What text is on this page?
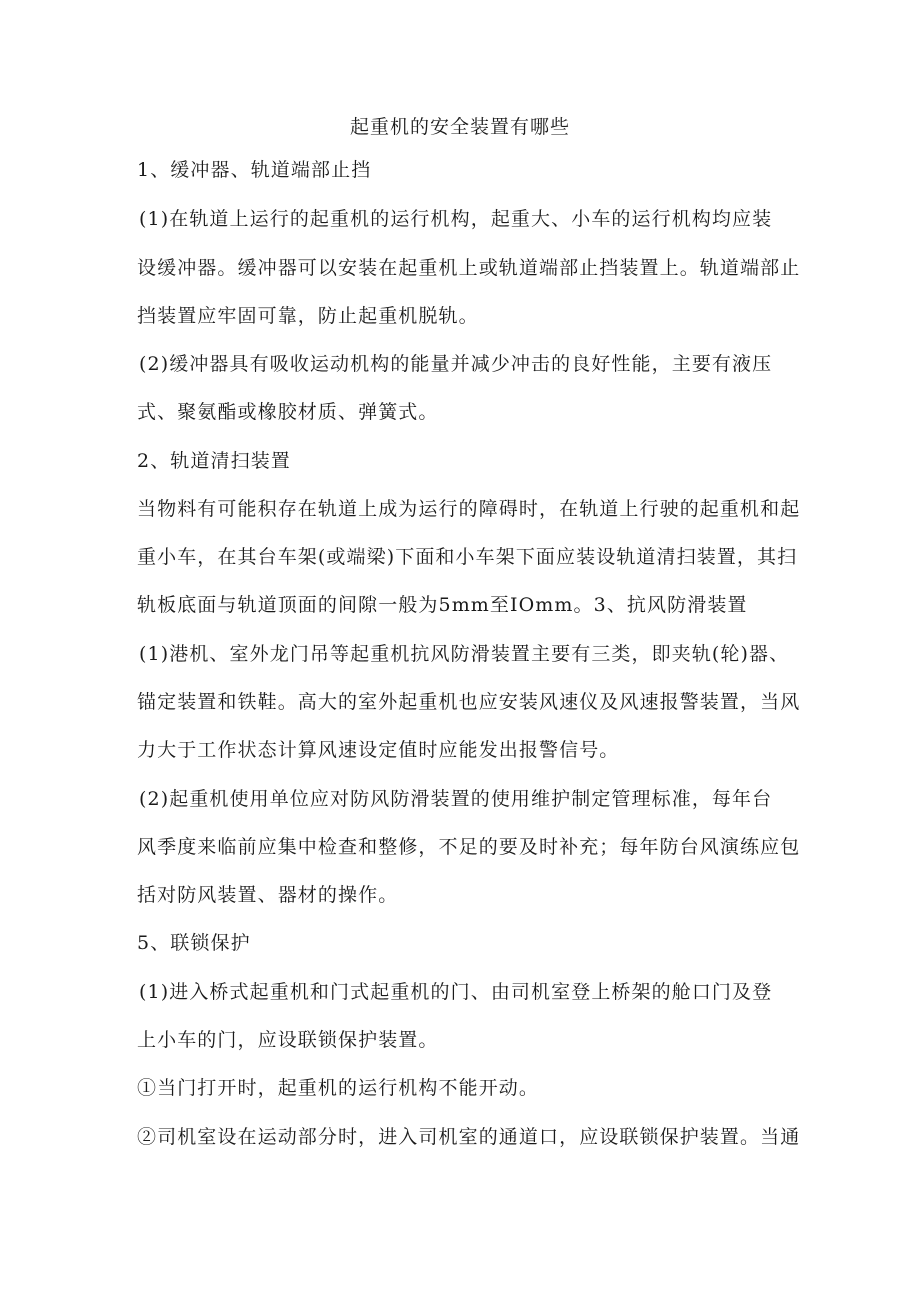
起重机的安全装置有哪些
1、缓冲器、轨道端部止挡
(1)在轨道上运行的起重机的运行机构，起重大、小车的运行机构均应装
设缓冲器。缓冲器可以安装在起重机上或轨道端部止挡装置上。轨道端部止
挡装置应牢固可靠，防止起重机脱轨。
(2)缓冲器具有吸收运动机构的能量并减少冲击的良好性能，主要有液压
式、聚氨酯或橡胶材质、弹簧式。
2、轨道清扫装置
当物料有可能积存在轨道上成为运行的障碍时，在轨道上行驶的起重机和起
重小车，在其台车架(或端梁)下面和小车架下面应装设轨道清扫装置，其扫
轨板底面与轨道顶面的间隙一般为5mm至IOmm。3、抗风防滑装置
(1)港机、室外龙门吊等起重机抗风防滑装置主要有三类，即夹轨(轮)器、
锚定装置和铁鞋。高大的室外起重机也应安装风速仪及风速报警装置，当风
力大于工作状态计算风速设定值时应能发出报警信号。
(2)起重机使用单位应对防风防滑装置的使用维护制定管理标准，每年台
风季度来临前应集中检查和整修，不足的要及时补充；每年防台风演练应包
括对防风装置、器材的操作。
5、联锁保护
(1)进入桥式起重机和门式起重机的门、由司机室登上桥架的舱口门及登
上小车的门，应设联锁保护装置。
①当门打开时，起重机的运行机构不能开动。
②司机室设在运动部分时，进入司机室的通道口，应设联锁保护装置。当通
